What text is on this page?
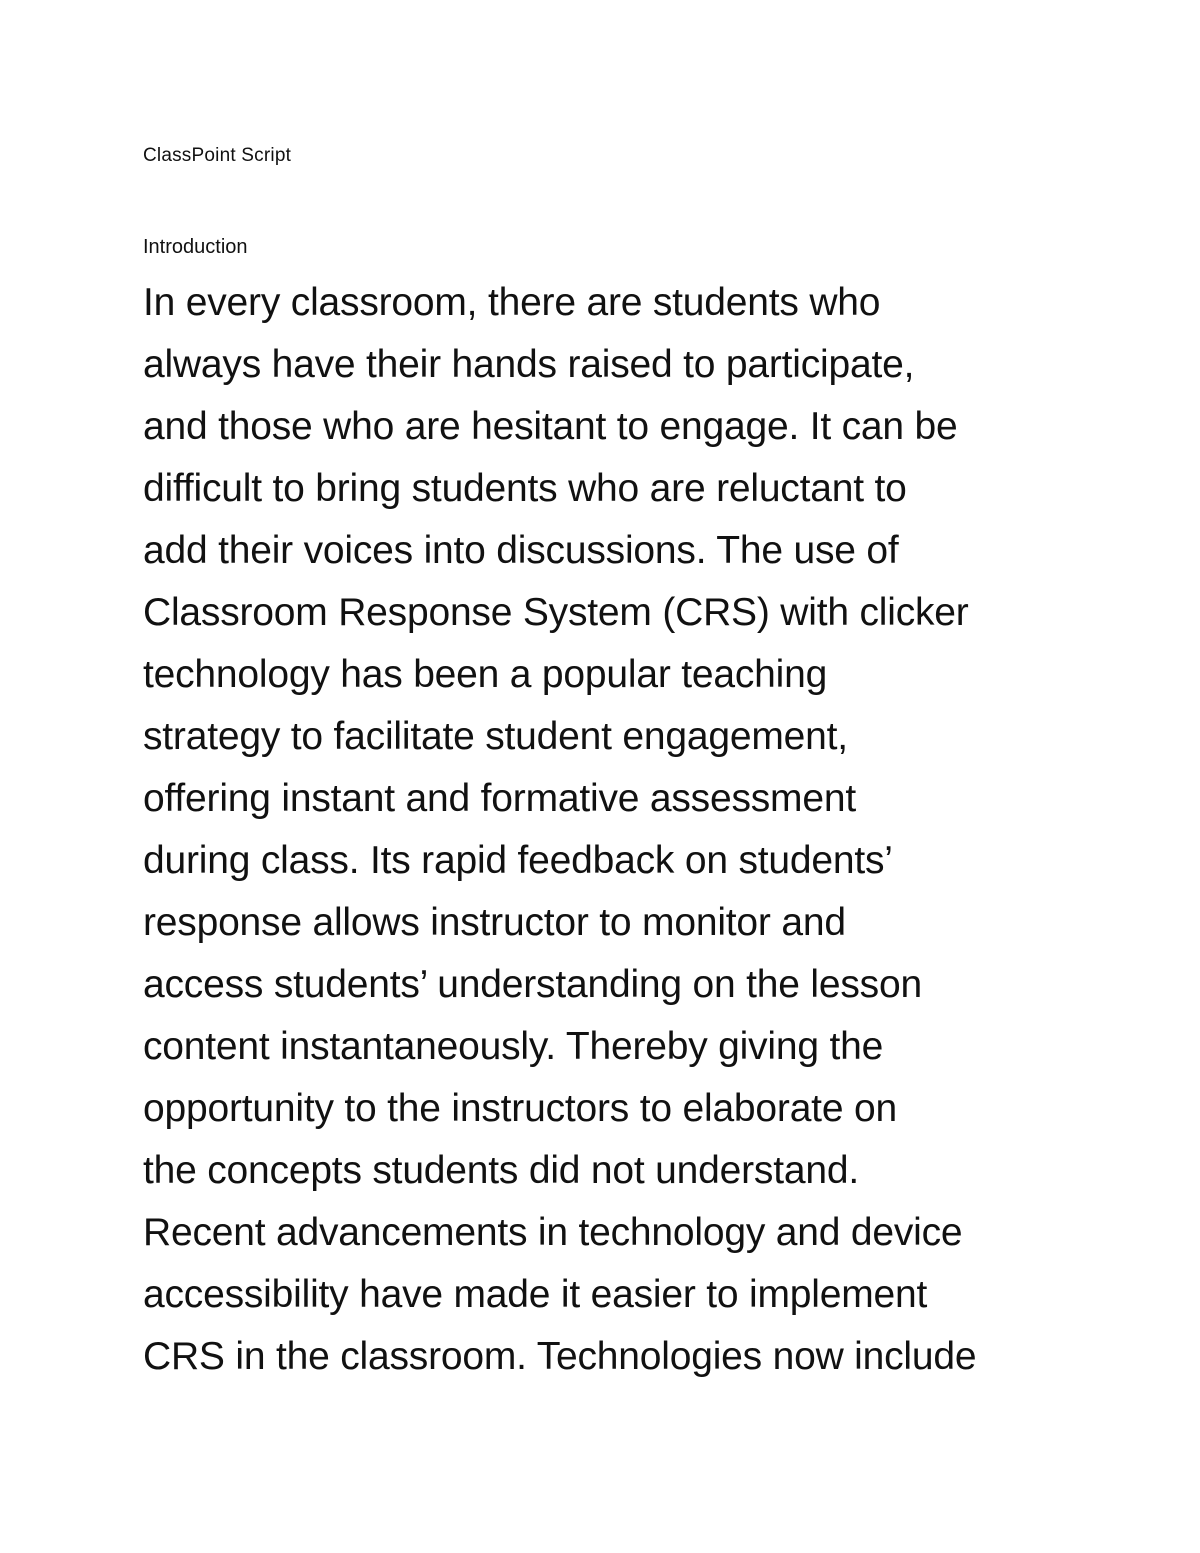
ClassPoint Script
Introduction
In every classroom, there are students who
always have their hands raised to participate,
and those who are hesitant to engage. It can be
difficult to bring students who are reluctant to
add their voices into discussions. The use of
Classroom Response System (CRS) with clicker
technology has been a popular teaching
strategy to facilitate student engagement,
offering instant and formative assessment
during class. Its rapid feedback on students’
response allows instructor to monitor and
access students’ understanding on the lesson
content instantaneously. Thereby giving the
opportunity to the instructors to elaborate on
the concepts students did not understand.
Recent advancements in technology and device
accessibility have made it easier to implement
CRS in the classroom. Technologies now include
